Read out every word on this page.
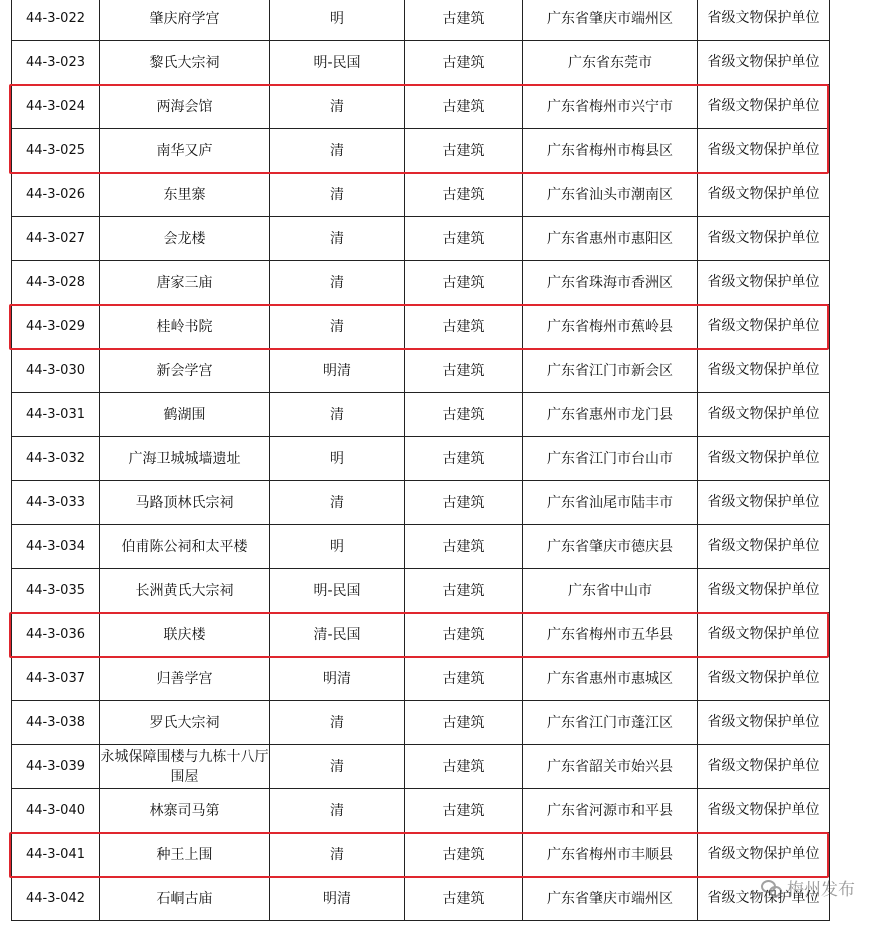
44-3-022	肇庆府学宫	明	古建筑	广东省肇庆市端州区	省级文物保护单位
44-3-023	黎氏大宗祠	明-民国	古建筑	广东省东莞市	省级文物保护单位
44-3-024	两海会馆	清	古建筑	广东省梅州市兴宁市	省级文物保护单位
44-3-025	南华又庐	清	古建筑	广东省梅州市梅县区	省级文物保护单位
44-3-026	东里寨	清	古建筑	广东省汕头市潮南区	省级文物保护单位
44-3-027	会龙楼	清	古建筑	广东省惠州市惠阳区	省级文物保护单位
44-3-028	唐家三庙	清	古建筑	广东省珠海市香洲区	省级文物保护单位
44-3-029	桂岭书院	清	古建筑	广东省梅州市蕉岭县	省级文物保护单位
44-3-030	新会学宫	明清	古建筑	广东省江门市新会区	省级文物保护单位
44-3-031	鹤湖围	清	古建筑	广东省惠州市龙门县	省级文物保护单位
44-3-032	广海卫城城墙遗址	明	古建筑	广东省江门市台山市	省级文物保护单位
44-3-033	马路顶林氏宗祠	清	古建筑	广东省汕尾市陆丰市	省级文物保护单位
44-3-034	伯甫陈公祠和太平楼	明	古建筑	广东省肇庆市德庆县	省级文物保护单位
44-3-035	长洲黄氏大宗祠	明-民国	古建筑	广东省中山市	省级文物保护单位
44-3-036	联庆楼	清-民国	古建筑	广东省梅州市五华县	省级文物保护单位
44-3-037	归善学宫	明清	古建筑	广东省惠州市惠城区	省级文物保护单位
44-3-038	罗氏大宗祠	清	古建筑	广东省江门市蓬江区	省级文物保护单位
44-3-039	永城保障围楼与九栋十八厅围屋	清	古建筑	广东省韶关市始兴县	省级文物保护单位
44-3-040	林寨司马第	清	古建筑	广东省河源市和平县	省级文物保护单位
44-3-041	种王上围	清	古建筑	广东省梅州市丰顺县	省级文物保护单位
44-3-042	石峒古庙	明清	古建筑	广东省肇庆市端州区	省级文物保护单位
梅州发布
